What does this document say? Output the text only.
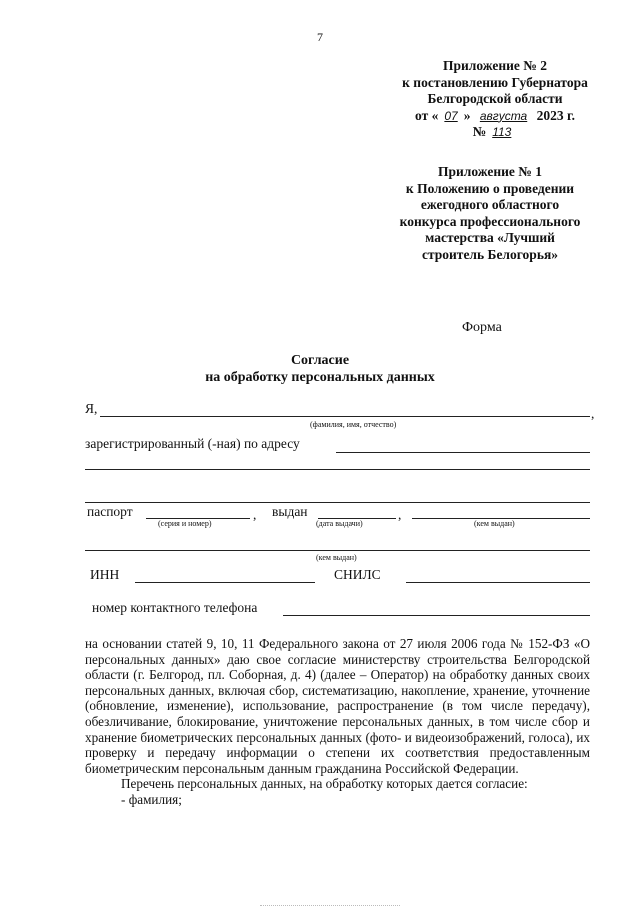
7
Приложение № 2
к постановлению Губернатора
Белгородской области
от « 07 » августа 2023 г.
№ 113
Приложение № 1
к Положению о проведении
ежегодного областного
конкурса профессионального
мастерства «Лучший
строитель Белогорья»
Форма
Согласие
на обработку персональных данных
Я,	,
(фамилия, имя, отчество)
зарегистрированный (-ная) по адресу
паспорт	,
(серия и номер)
выдан	,
(дата выдачи)	(кем выдан)
(кем выдан)
ИНН	СНИЛС
номер контактного телефона

на основании статей 9, 10, 11 Федерального закона от 27 июля 2006 года № 152-ФЗ «О персональных данных» даю свое согласие министерству строительства Белгородской области (г. Белгород, пл. Соборная, д. 4) (далее – Оператор) на обработку данных своих персональных данных, включая сбор, систематизацию, накопление, хранение, уточнение (обновление, изменение), использование, распространение (в том числе передачу), обезличивание, блокирование, уничтожение персональных данных, в том числе сбор и хранение биометрических персональных данных (фото- и видеоизображений, голоса), их проверку и передачу информации о степени их соответствия предоставленным биометрическим персональным данным гражданина Российской Федерации.

Перечень персональных данных, на обработку которых дается согласие:

- фамилия;
